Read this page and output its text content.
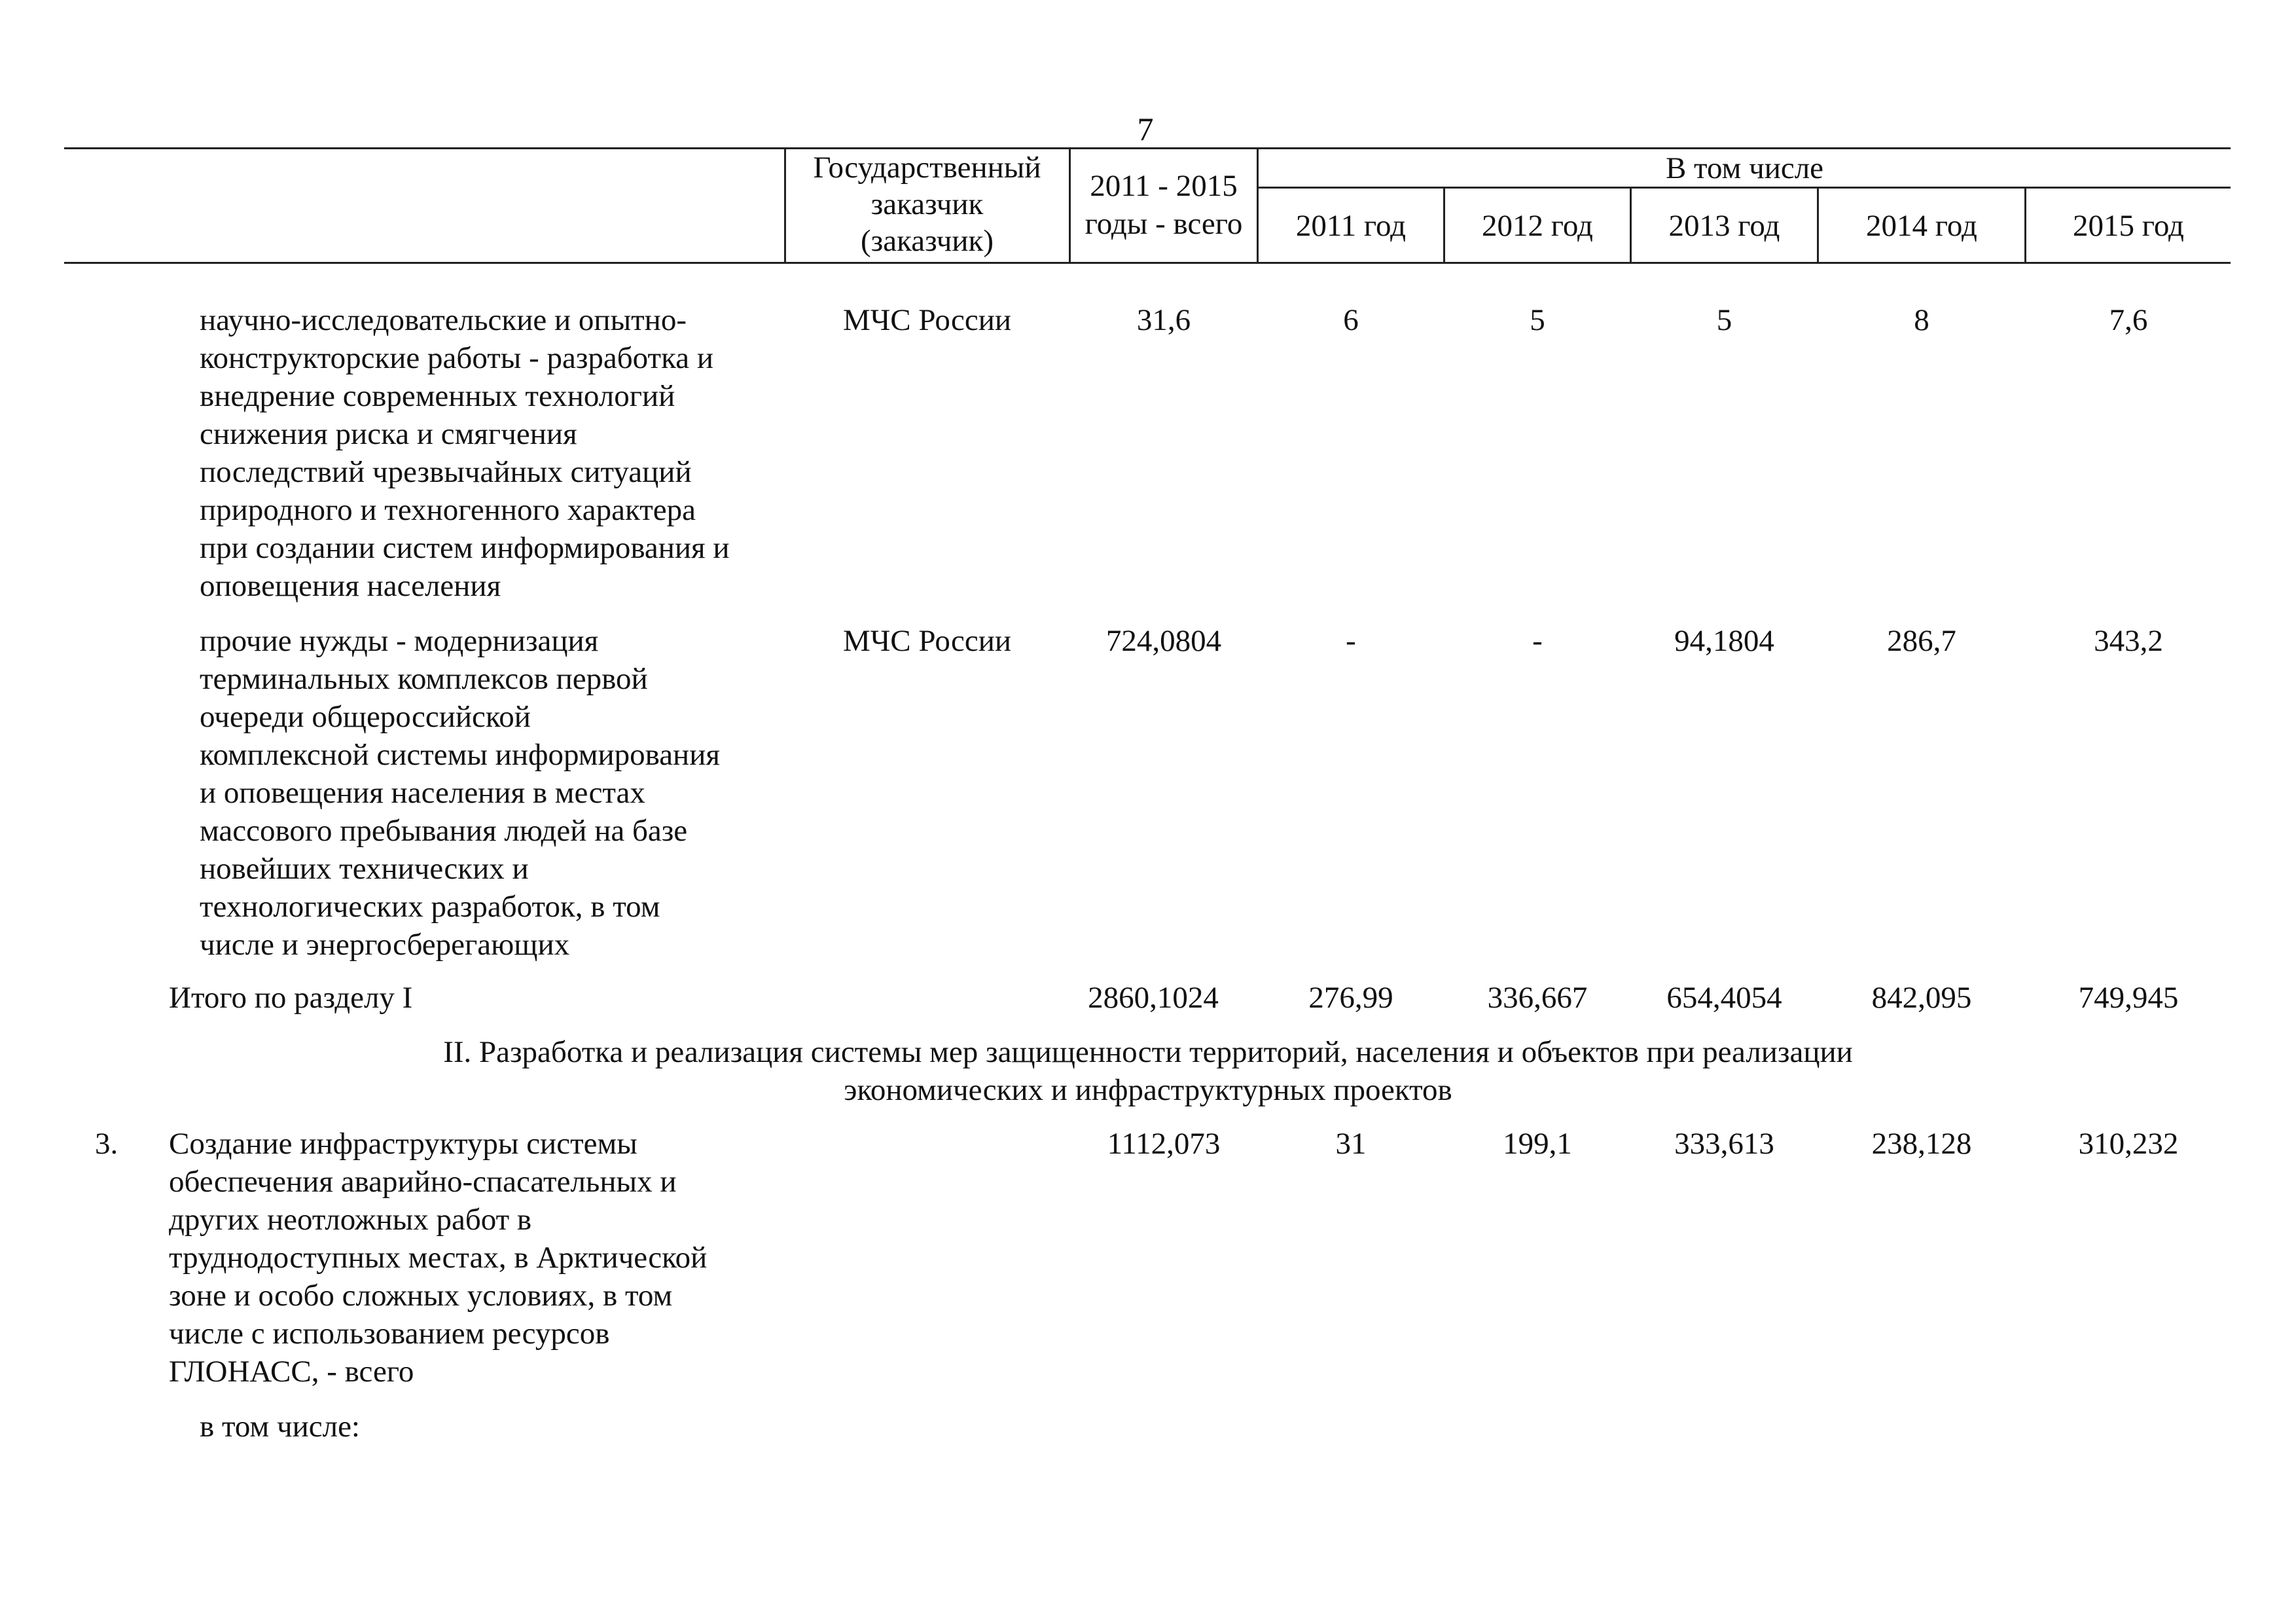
7
Государственный
заказчик
(заказчик)
2011 - 2015
годы - всего
В том числе
2011 год	2012 год	2013 год	2014 год	2015 год
научно-исследовательские и опытно-
конструкторские работы - разработка и
внедрение современных технологий
снижения риска и смягчения
последствий чрезвычайных ситуаций
природного и техногенного характера
при создании систем информирования и
оповещения населения
МЧС России	31,6	6	5	5	8	7,6
прочие нужды - модернизация
терминальных комплексов первой
очереди общероссийской
комплексной системы информирования
и оповещения населения в местах
массового пребывания людей на базе
новейших технических и
технологических разработок, в том
числе и энергосберегающих
МЧС России	724,0804	-	-	94,1804	286,7	343,2
Итого по разделу I	2860,1024	276,99	336,667	654,4054	842,095	749,945
II. Разработка и реализация системы мер защищенности территорий, населения и объектов при реализации
экономических и инфраструктурных проектов
3. Создание инфраструктуры системы
обеспечения аварийно-спасательных и
других неотложных работ в
труднодоступных местах, в Арктической
зоне и особо сложных условиях, в том
числе с использованием ресурсов
ГЛОНАСС, - всего
1112,073	31	199,1	333,613	238,128	310,232
в том числе:
